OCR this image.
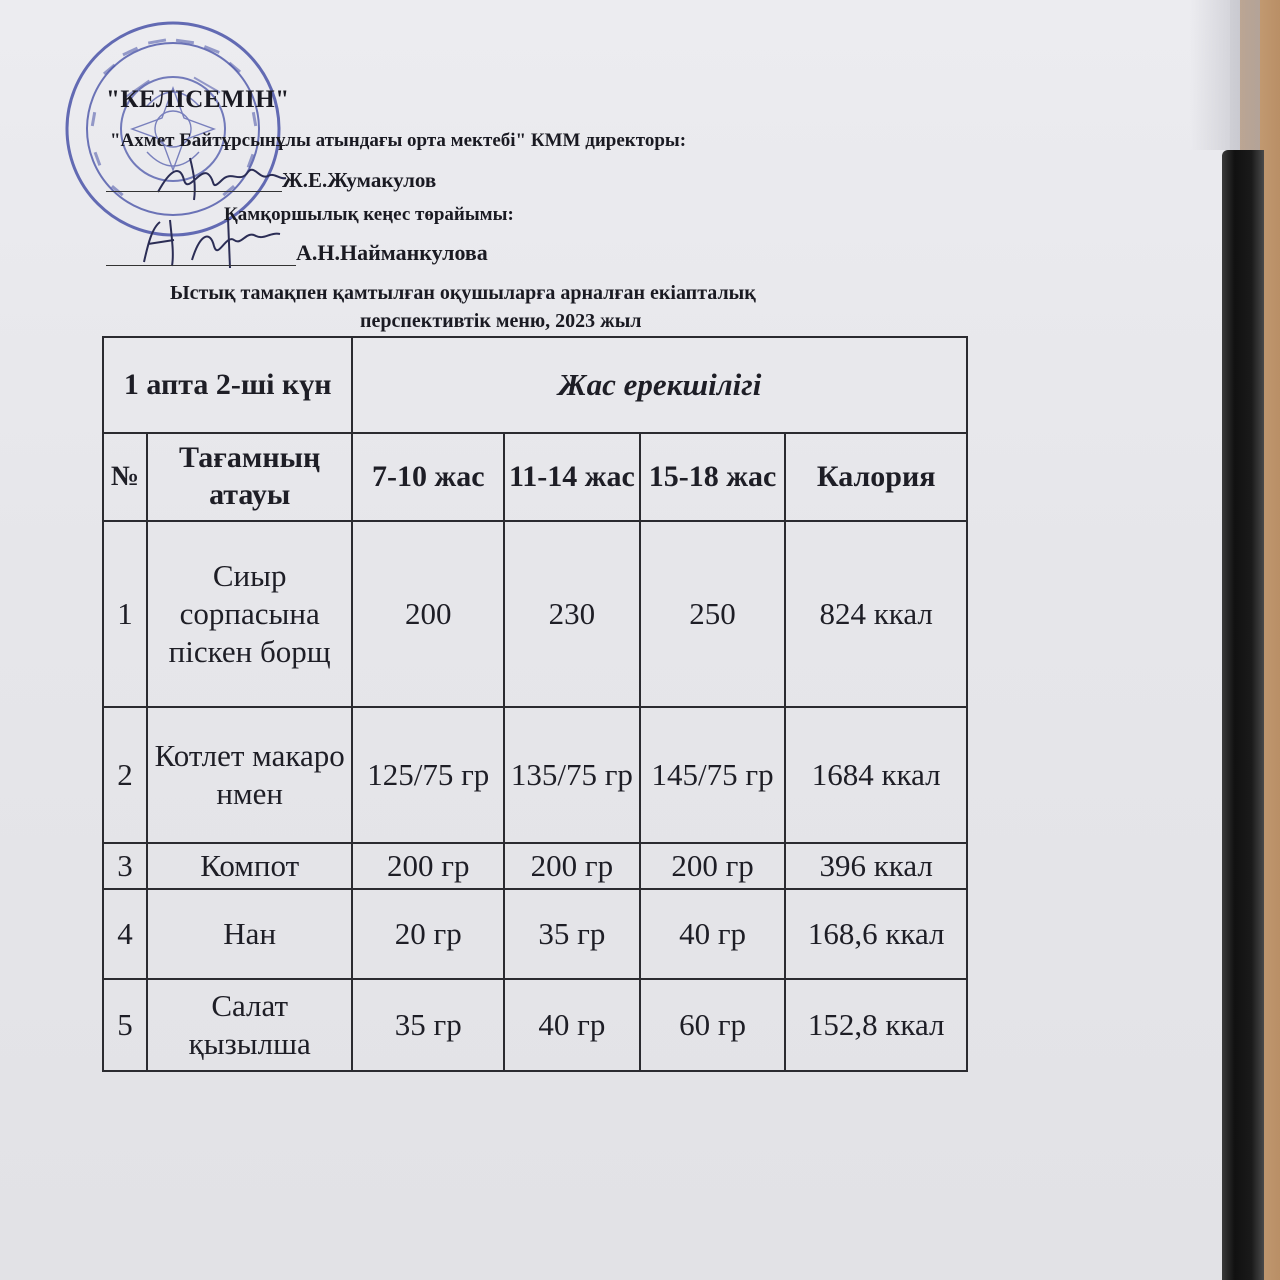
"КЕЛІСЕМІН"
"Ахмет Байтұрсынұлы атындағы орта мектебі" КММ директоры:
Ж.Е.Жумакулов
Қамқоршылық кеңес төрайымы:
А.Н.Найманкулова
Ыстық тамақпен қамтылған оқушыларға арналған екіапталық
перспективтік меню, 2023 жыл
1 апта 2-ші күн		Жас ерекшілігі			
№	Тағамның атауы	7-10 жас	11-14 жас	15-18 жас	Калория
1	Сиыр сорпасына піскен борщ	200	230	250	824 ккал
2	Котлет макаронмен	125/75 гр	135/75 гр	145/75 гр	1684 ккал
3	Компот	200 гр	200 гр	200 гр	396 ккал
4	Нан	20 гр	35 гр	40 гр	168,6 ккал
5	Салат қызылша	35 гр	40 гр	60 гр	152,8 ккал
